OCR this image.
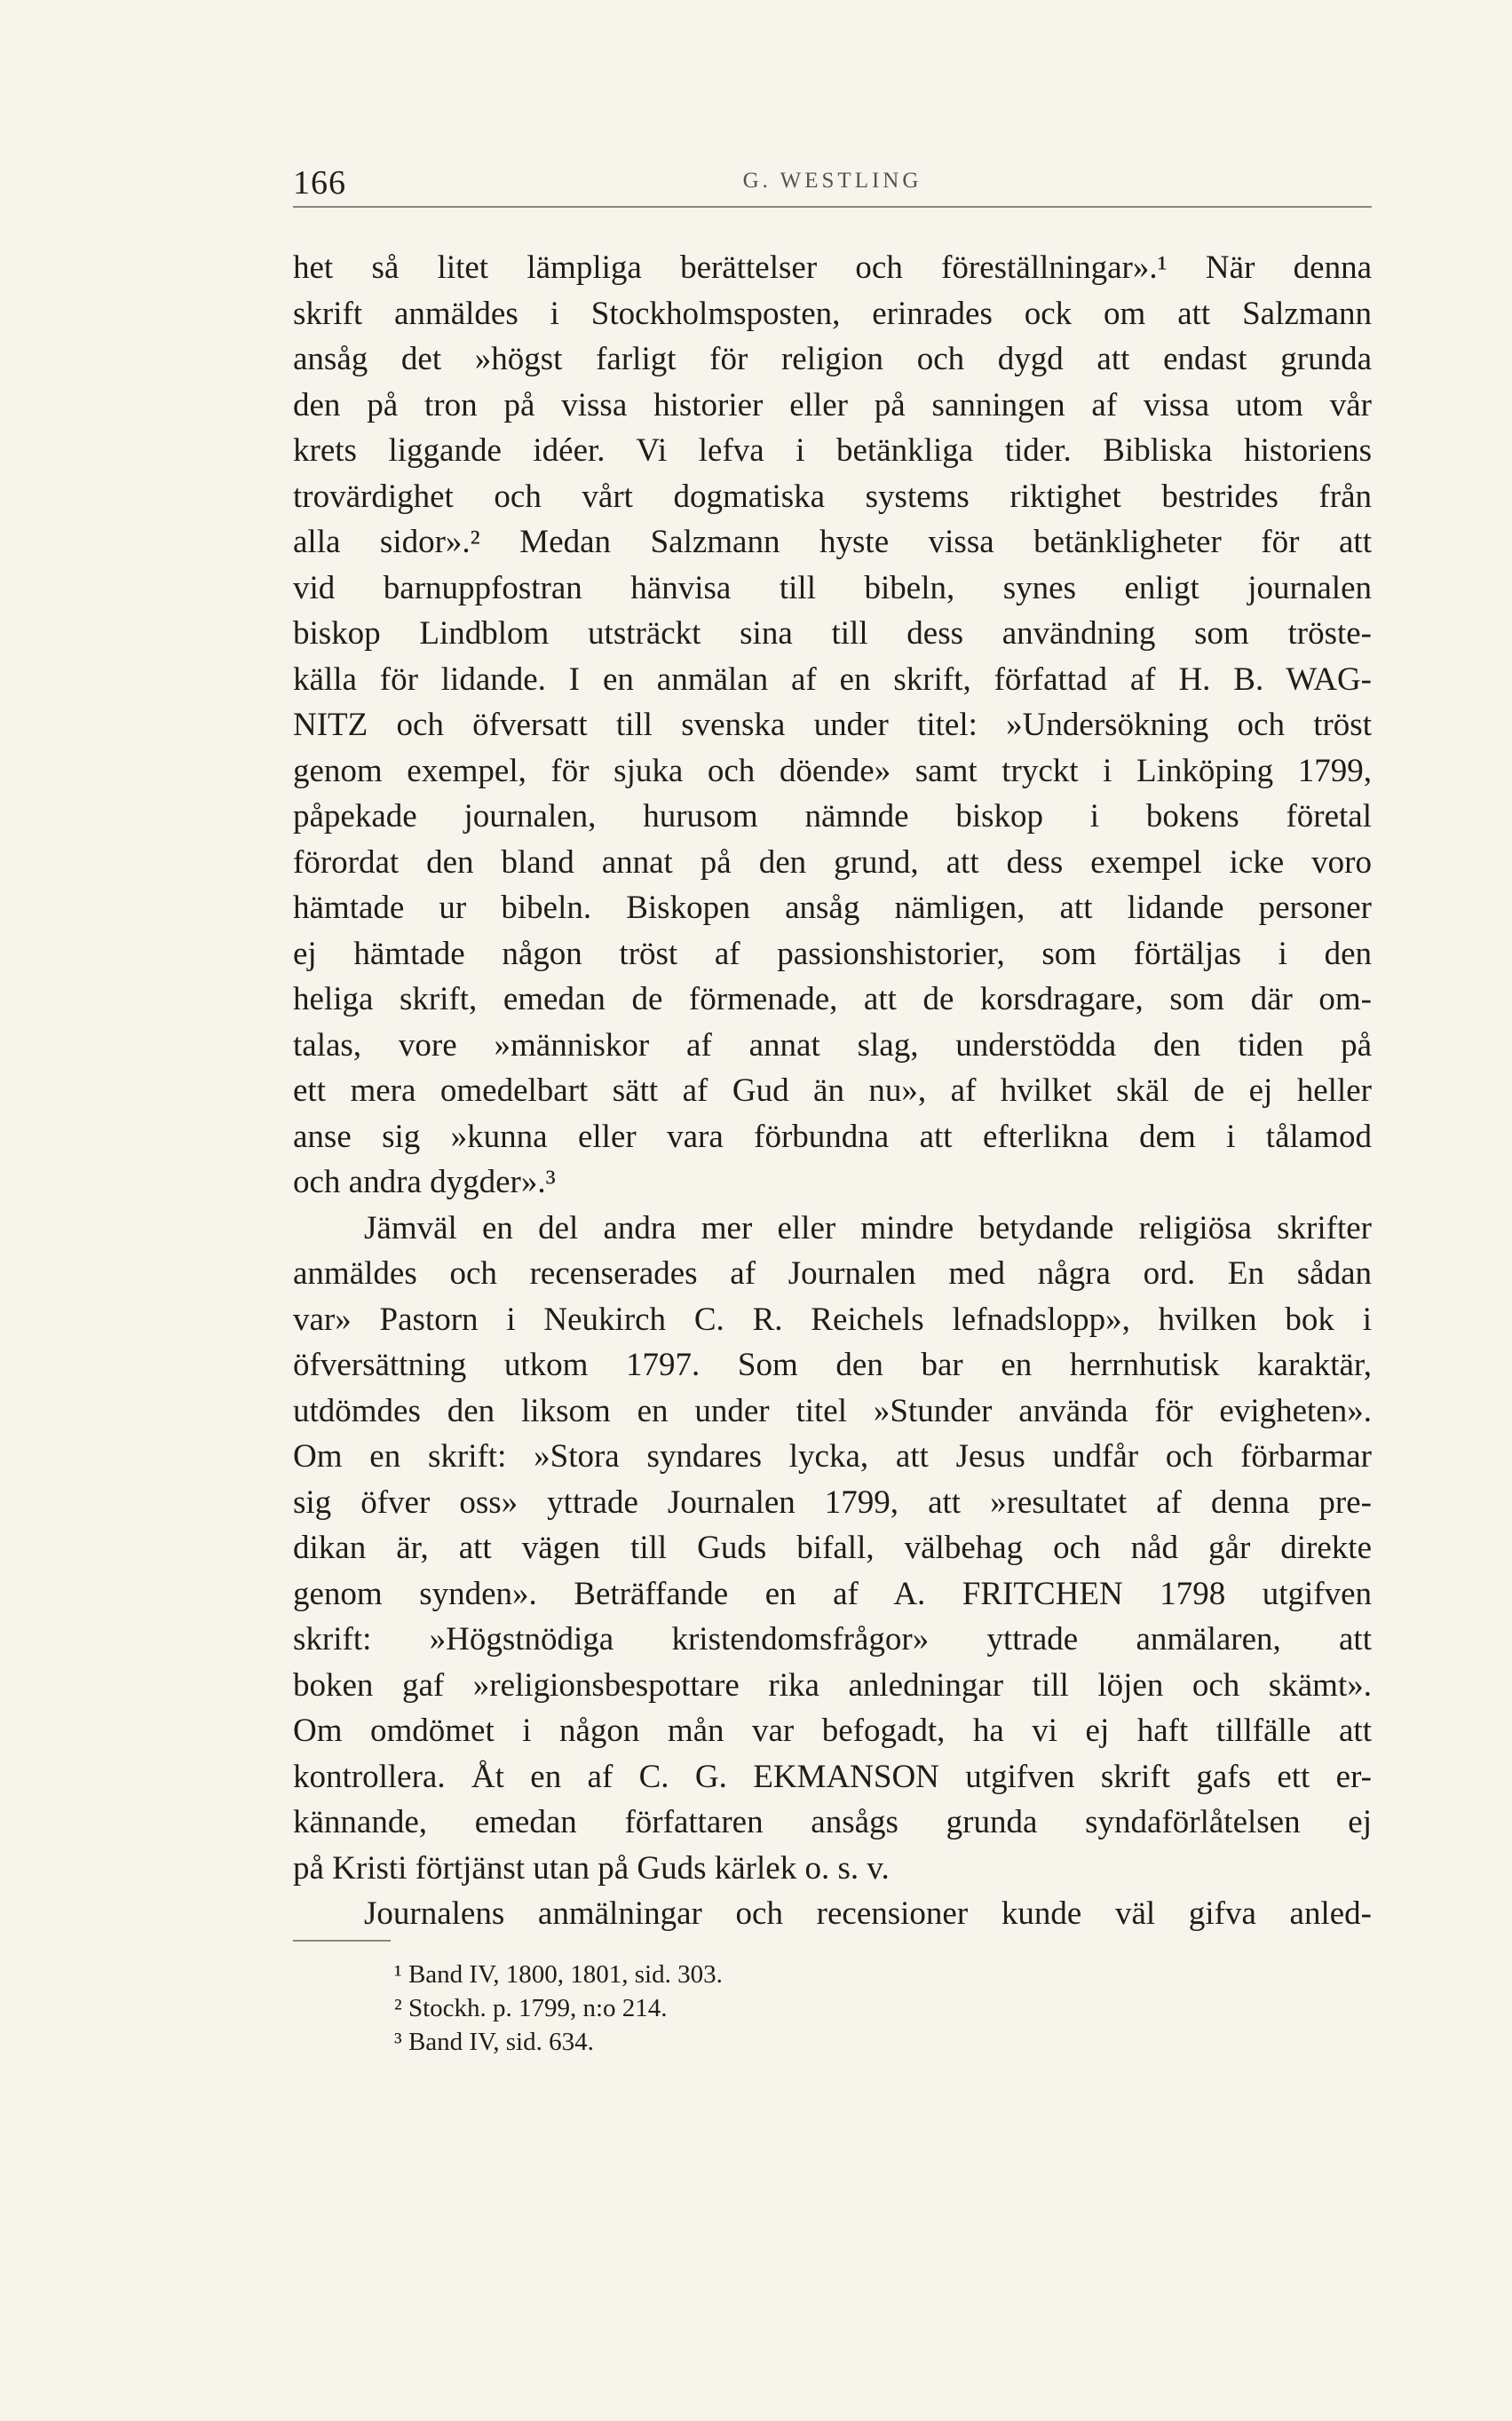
166	G. WESTLING
het så litet lämpliga berättelser och föreställningar».¹ När denna
skrift anmäldes i Stockholmsposten, erinrades ock om att Salzmann
ansåg det »högst farligt för religion och dygd att endast grunda
den på tron på vissa historier eller på sanningen af vissa utom vår
krets liggande idéer. Vi lefva i betänkliga tider. Bibliska historiens
trovärdighet och vårt dogmatiska systems riktighet bestrides från
alla sidor».² Medan Salzmann hyste vissa betänkligheter för att
vid barnuppfostran hänvisa till bibeln, synes enligt journalen
biskop Lindblom utsträckt sina till dess användning som tröste-
källa för lidande. I en anmälan af en skrift, författad af H. B. WAG-
NITZ och öfversatt till svenska under titel: »Undersökning och tröst
genom exempel, för sjuka och döende» samt tryckt i Linköping 1799,
påpekade journalen, hurusom nämnde biskop i bokens företal
förordat den bland annat på den grund, att dess exempel icke voro
hämtade ur bibeln. Biskopen ansåg nämligen, att lidande personer
ej hämtade någon tröst af passionshistorier, som förtäljas i den
heliga skrift, emedan de förmenade, att de korsdragare, som där om-
talas, vore »människor af annat slag, understödda den tiden på
ett mera omedelbart sätt af Gud än nu», af hvilket skäl de ej heller
anse sig »kunna eller vara förbundna att efterlikna dem i tålamod
och andra dygder».³
Jämväl en del andra mer eller mindre betydande religiösa skrifter
anmäldes och recenserades af Journalen med några ord. En sådan
var» Pastorn i Neukirch C. R. Reichels lefnadslopp», hvilken bok i
öfversättning utkom 1797. Som den bar en herrnhutisk karaktär,
utdömdes den liksom en under titel »Stunder använda för evigheten».
Om en skrift: »Stora syndares lycka, att Jesus undfår och förbarmar
sig öfver oss» yttrade Journalen 1799, att »resultatet af denna pre-
dikan är, att vägen till Guds bifall, välbehag och nåd går direkte
genom synden». Beträffande en af A. FRITCHEN 1798 utgifven
skrift: »Högstnödiga kristendomsfrågor» yttrade anmälaren, att
boken gaf »religionsbespottare rika anledningar till löjen och skämt».
Om omdömet i någon mån var befogadt, ha vi ej haft tillfälle att
kontrollera. Åt en af C. G. EKMANSON utgifven skrift gafs ett er-
kännande, emedan författaren ansågs grunda syndaförlåtelsen ej
på Kristi förtjänst utan på Guds kärlek o. s. v.
Journalens anmälningar och recensioner kunde väl gifva anled-
¹ Band IV, 1800, 1801, sid. 303.
² Stockh. p. 1799, n:o 214.
³ Band IV, sid. 634.
